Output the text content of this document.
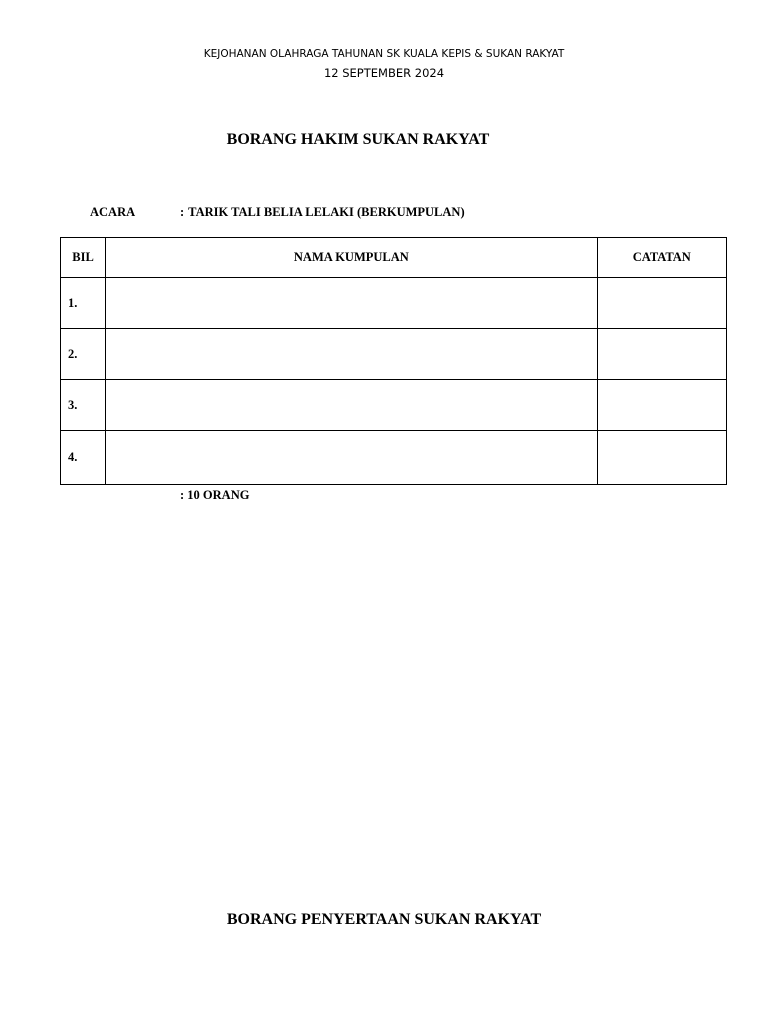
KEJOHANAN OLAHRAGA TAHUNAN SK KUALA KEPIS & SUKAN RAKYAT
12 SEPTEMBER 2024
BORANG HAKIM SUKAN RAKYAT
ACARA	: TARIK TALI BELIA LELAKI (BERKUMPULAN)
BIL	NAMA KUMPULAN	CATATAN
1.		
2.		
3.		
4.		
: 10 ORANG
BORANG PENYERTAAN SUKAN RAKYAT
